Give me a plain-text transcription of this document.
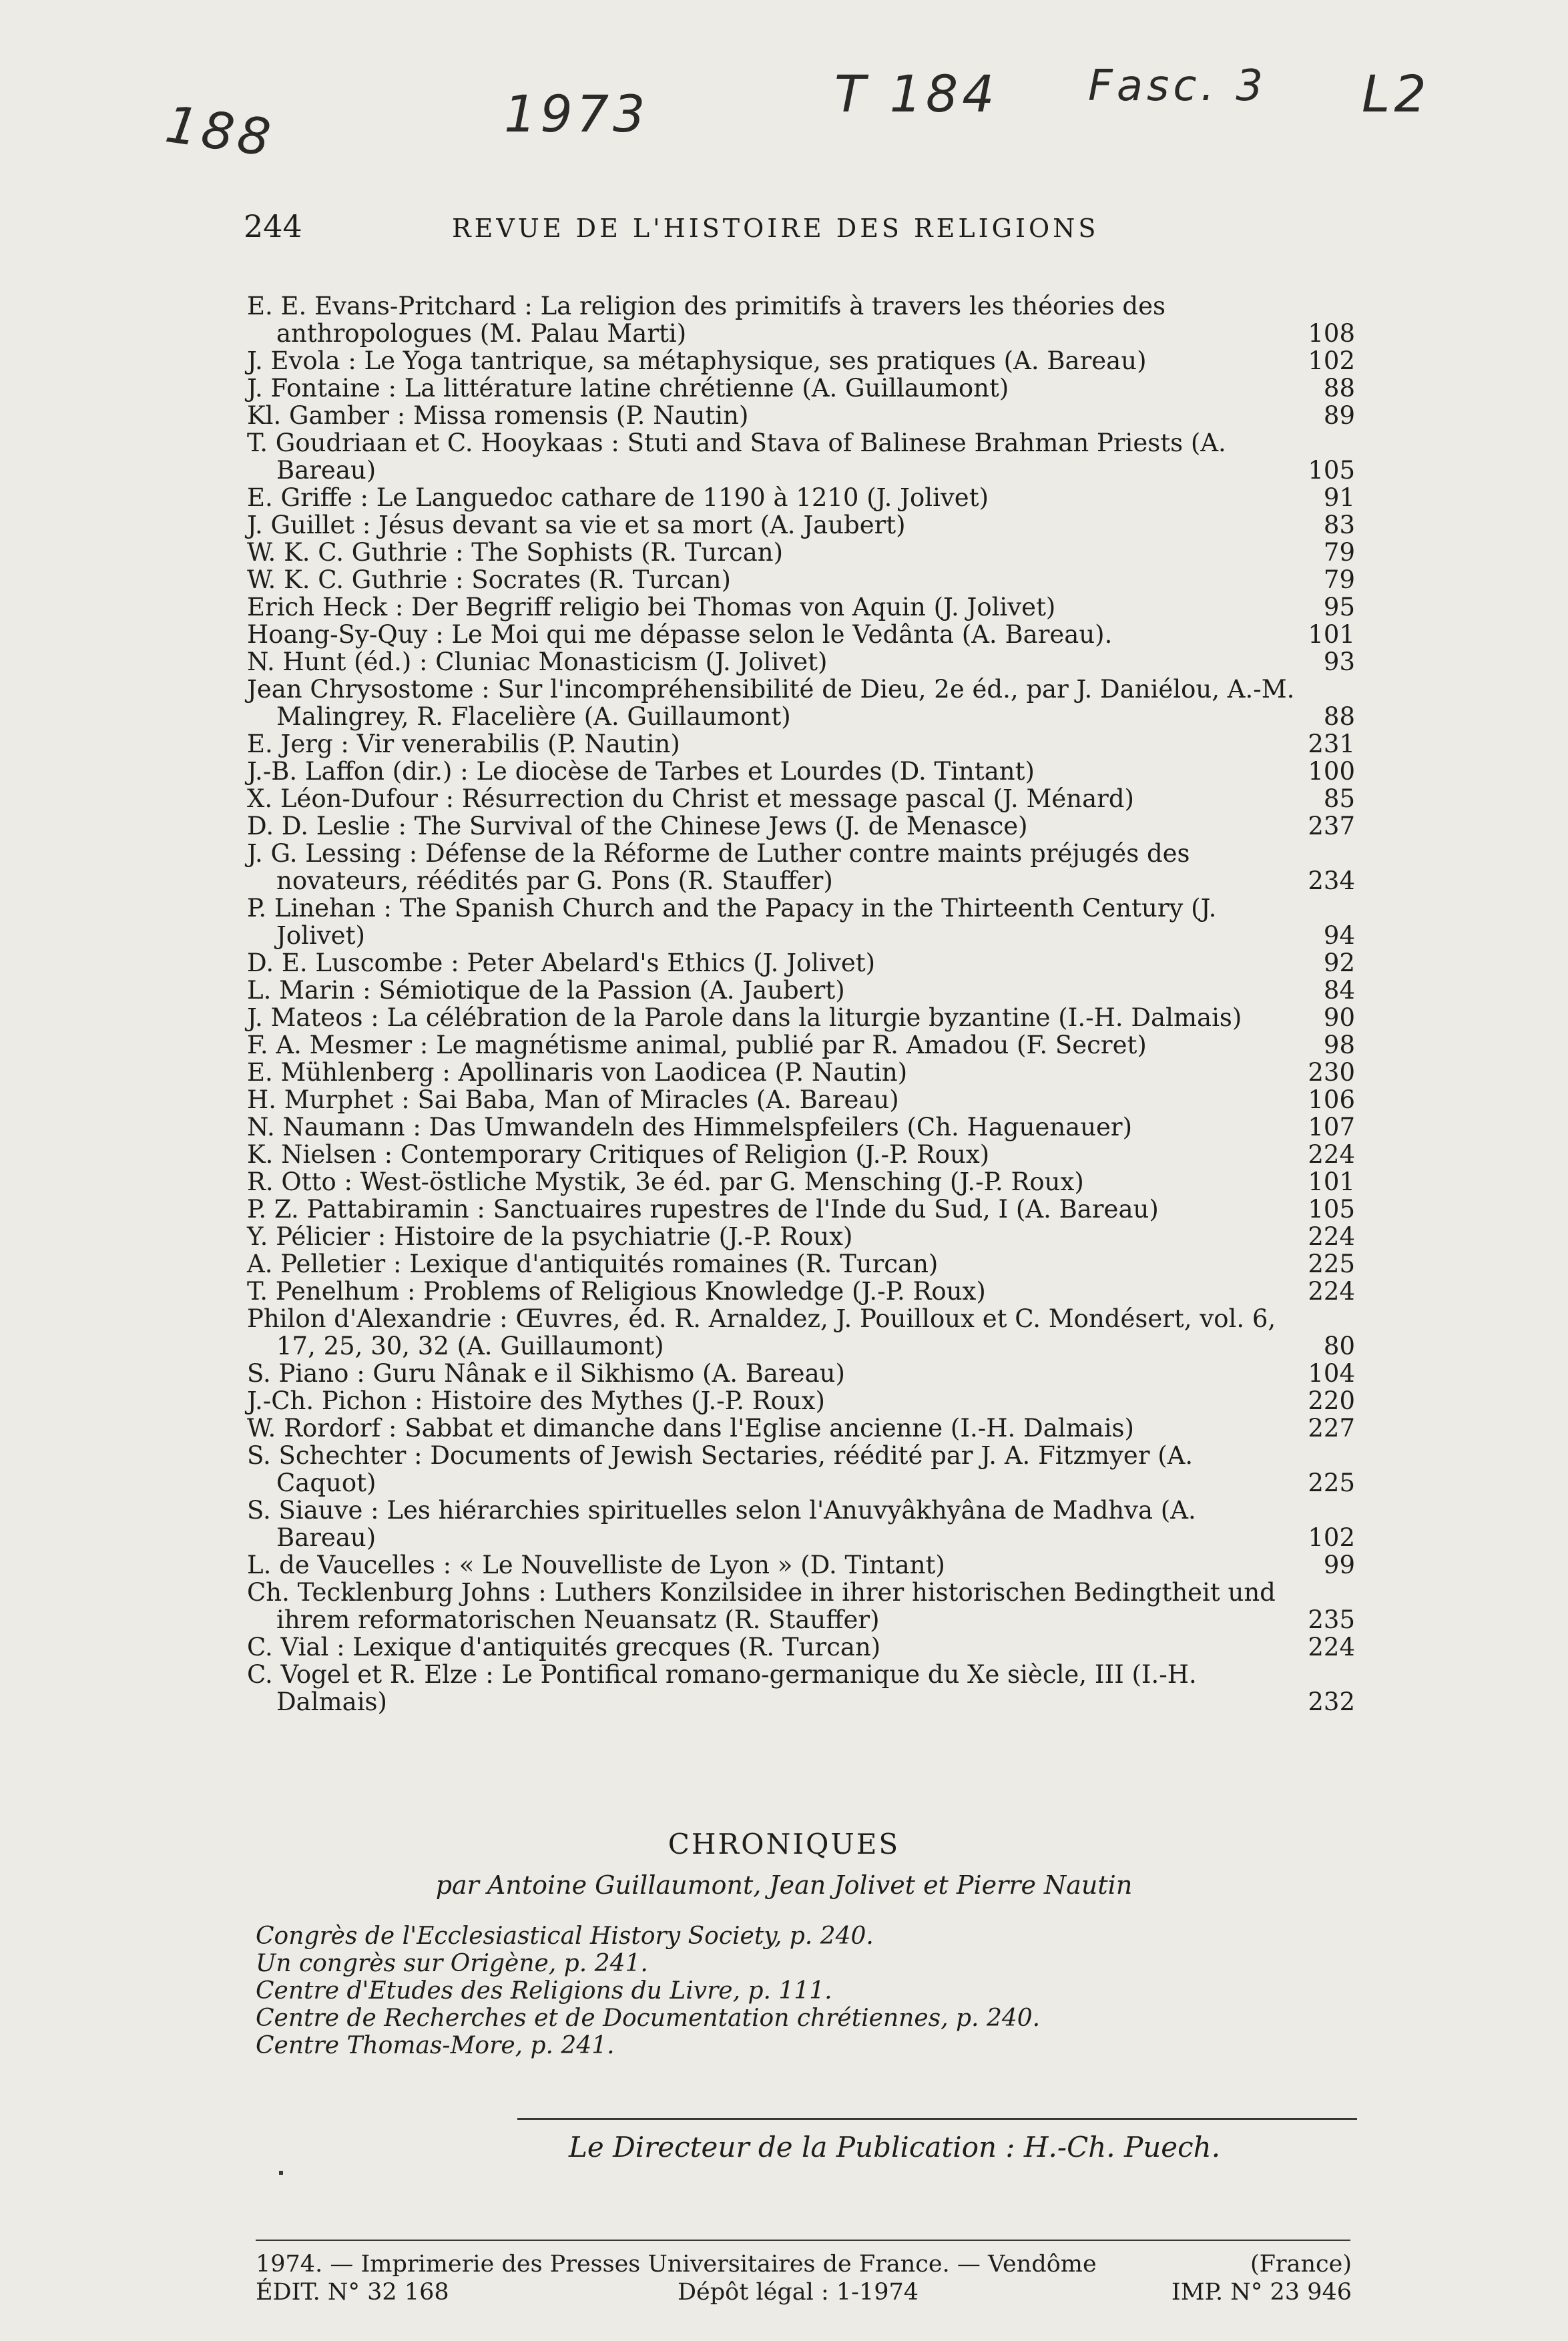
188	1973	T 184 Fasc. 3 L2
244	REVUE DE L'HISTOIRE DES RELIGIONS
E. E. Evans-Pritchard : La religion des primitifs à travers les théories des anthropologues (M. Palau Marti)	108
J. Evola : Le Yoga tantrique, sa métaphysique, ses pratiques (A. Bareau)	102
J. Fontaine : La littérature latine chrétienne (A. Guillaumont)	88
Kl. Gamber : Missa romensis (P. Nautin)	89
T. Goudriaan et C. Hooykaas : Stuti and Stava of Balinese Brahman Priests (A. Bareau)	105
E. Griffe : Le Languedoc cathare de 1190 à 1210 (J. Jolivet)	91
J. Guillet : Jésus devant sa vie et sa mort (A. Jaubert)	83
W. K. C. Guthrie : The Sophists (R. Turcan)	79
W. K. C. Guthrie : Socrates (R. Turcan)	79
Erich Heck : Der Begriff religio bei Thomas von Aquin (J. Jolivet)	95
Hoang-Sy-Quy : Le Moi qui me dépasse selon le Vedânta (A. Bareau).	101
N. Hunt (éd.) : Cluniac Monasticism (J. Jolivet)	93
Jean Chrysostome : Sur l'incompréhensibilité de Dieu, 2e éd., par J. Daniélou, A.-M. Malingrey, R. Flacelière (A. Guillaumont)	88
E. Jerg : Vir venerabilis (P. Nautin)	231
J.-B. Laffon (dir.) : Le diocèse de Tarbes et Lourdes (D. Tintant)	100
X. Léon-Dufour : Résurrection du Christ et message pascal (J. Ménard)	85
D. D. Leslie : The Survival of the Chinese Jews (J. de Menasce)	237
J. G. Lessing : Défense de la Réforme de Luther contre maints préjugés des novateurs, réédités par G. Pons (R. Stauffer)	234
P. Linehan : The Spanish Church and the Papacy in the Thirteenth Century (J. Jolivet)	94
D. E. Luscombe : Peter Abelard's Ethics (J. Jolivet)	92
L. Marin : Sémiotique de la Passion (A. Jaubert)	84
J. Mateos : La célébration de la Parole dans la liturgie byzantine (I.-H. Dalmais)	90
F. A. Mesmer : Le magnétisme animal, publié par R. Amadou (F. Secret)	98
E. Mühlenberg : Apollinaris von Laodicea (P. Nautin)	230
H. Murphet : Sai Baba, Man of Miracles (A. Bareau)	106
N. Naumann : Das Umwandeln des Himmelspfeilers (Ch. Haguenauer)	107
K. Nielsen : Contemporary Critiques of Religion (J.-P. Roux)	224
R. Otto : West-östliche Mystik, 3e éd. par G. Mensching (J.-P. Roux)	101
P. Z. Pattabiramin : Sanctuaires rupestres de l'Inde du Sud, I (A. Bareau)	105
Y. Pélicier : Histoire de la psychiatrie (J.-P. Roux)	224
A. Pelletier : Lexique d'antiquités romaines (R. Turcan)	225
T. Penelhum : Problems of Religious Knowledge (J.-P. Roux)	224
Philon d'Alexandrie : Œuvres, éd. R. Arnaldez, J. Pouilloux et C. Mondésert, vol. 6, 17, 25, 30, 32 (A. Guillaumont)	80
S. Piano : Guru Nânak e il Sikhismo (A. Bareau)	104
J.-Ch. Pichon : Histoire des Mythes (J.-P. Roux)	220
W. Rordorf : Sabbat et dimanche dans l'Eglise ancienne (I.-H. Dalmais)	227
S. Schechter : Documents of Jewish Sectaries, réédité par J. A. Fitzmyer (A. Caquot)	225
S. Siauve : Les hiérarchies spirituelles selon l'Anuvyâkhyâna de Madhva (A. Bareau)	102
L. de Vaucelles : « Le Nouvelliste de Lyon » (D. Tintant)	99
Ch. Tecklenburg Johns : Luthers Konzilsidee in ihrer historischen Bedingtheit und ihrem reformatorischen Neuansatz (R. Stauffer)	235
C. Vial : Lexique d'antiquités grecques (R. Turcan)	224
C. Vogel et R. Elze : Le Pontifical romano-germanique du Xe siècle, III (I.-H. Dalmais)	232
CHRONIQUES
par Antoine Guillaumont, Jean Jolivet et Pierre Nautin
Congrès de l'Ecclesiastical History Society, p. 240.
Un congrès sur Origène, p. 241.
Centre d'Etudes des Religions du Livre, p. 111.
Centre de Recherches et de Documentation chrétiennes, p. 240.
Centre Thomas-More, p. 241.
Le Directeur de la Publication : H.-Ch. Puech.
1974. — Imprimerie des Presses Universitaires de France. — Vendôme	(France)
ÉDIT. N° 32 168	Dépôt légal : 1-1974	IMP. N° 23 946
